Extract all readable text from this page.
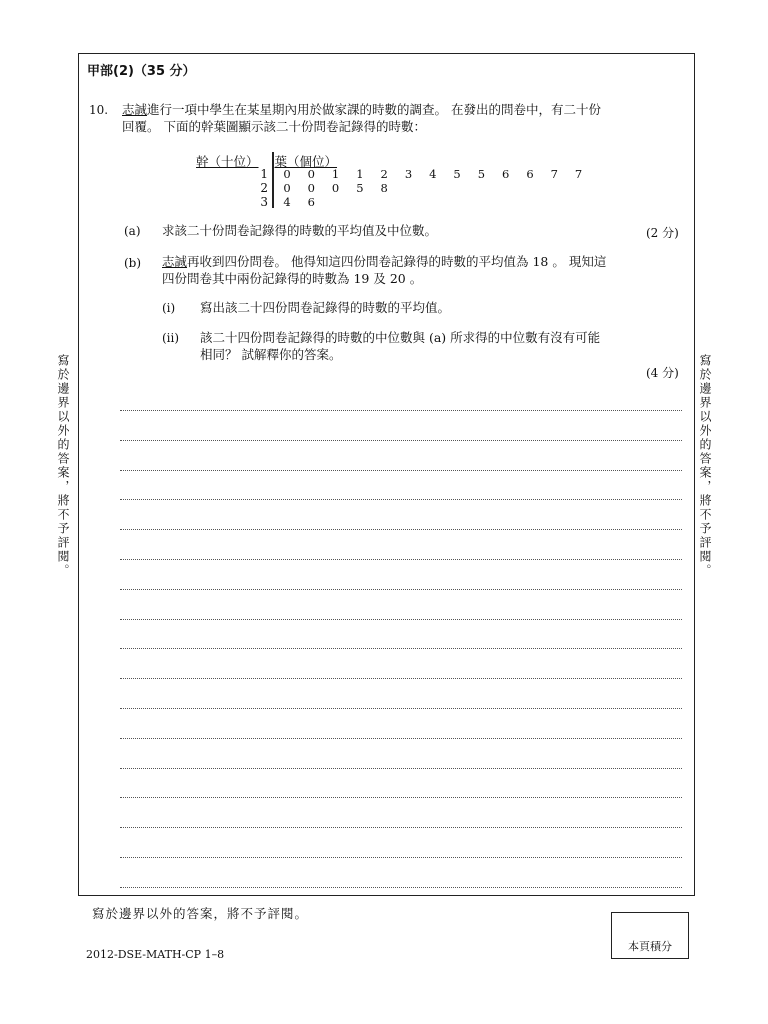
甲部(2)（35 分）
10. 志誠進行一項中學生在某星期內用於做家課的時數的調查。 在發出的問卷中，有二十份
回覆。 下面的幹葉圖顯示該二十份問卷記錄得的時數：
幹（十位） 葉（個位）
1 0 0 1 1 2 3 4 5 5 6 6 7 7
2 0 0 0 5 8
3 4 6
(a) 求該二十份問卷記錄得的時數的平均值及中位數。	(2 分)
(b) 志誠再收到四份問卷。 他得知這四份問卷記錄得的時數的平均值為 18 。 現知這
四份問卷其中兩份記錄得的時數為 19 及 20 。
(i) 寫出該二十四份問卷記錄得的時數的平均值。
(ii) 該二十四份問卷記錄得的時數的中位數與 (a) 所求得的中位數有沒有可能
相同？ 試解釋你的答案。
(4 分)
寫於邊界以外的答案，將不予評閱。	寫於邊界以外的答案，將不予評閱。
寫於邊界以外的答案，將不予評閱。
2012-DSE-MATH-CP 1–8
本頁積分
